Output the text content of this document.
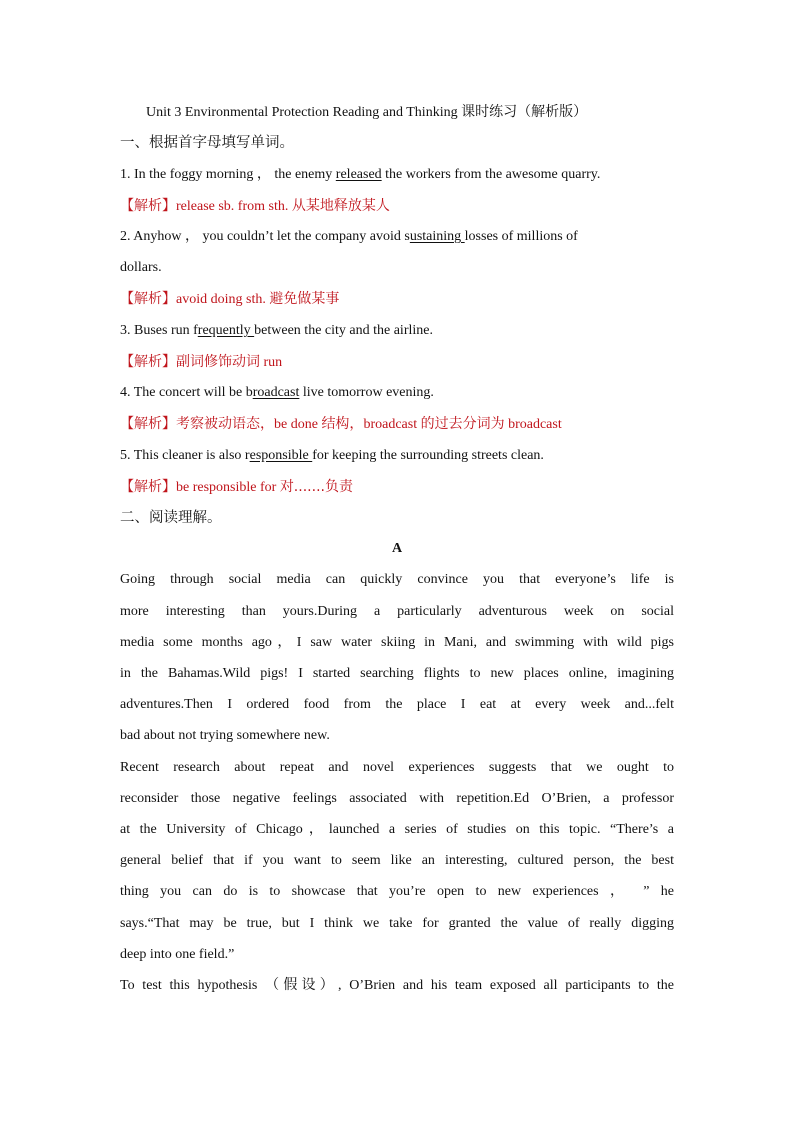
Unit 3 Environmental Protection Reading and Thinking 课时练习（解析版）
一、根据首字母填写单词。
1. In the foggy morning ， the enemy released the workers from the awesome quarry.
【解析】release sb. from sth. 从某地释放某人
2. Anyhow ， you couldn’t let the company avoid sustaining losses of millions of
dollars.
【解析】avoid doing sth. 避免做某事
3. Buses run frequently between the city and the airline.
【解析】副词修饰动词 run
4. The concert will be broadcast live tomorrow evening.
【解析】考察被动语态，be done 结构，broadcast 的过去分词为 broadcast
5. This cleaner is also responsible for keeping the surrounding streets clean.
【解析】be responsible for 对.......负责
二、阅读理解。
A
Going through social media can quickly convince you that everyone’s life is
more interesting than yours.During a particularly adventurous week on social
media some months ago，I saw water skiing in Mani, and swimming with wild pigs
in the Bahamas.Wild pigs! I started searching flights to new places online, imagining
adventures.Then I ordered food from the place I eat at every week and...felt
bad about not trying somewhere new.
Recent research about repeat and novel experiences suggests that we ought to
reconsider those negative feelings associated with repetition.Ed O’Brien, a professor
at the University of Chicago，launched a series of studies on this topic. “There’s a
general belief that if you want to seem like an interesting, cultured person, the best
thing you can do is to showcase that you’re open to new experiences ， ” he
says.“That may be true, but I think we take for granted the value of really digging
deep into one field.”
To test this hypothesis （假设）, O’Brien and his team exposed all participants to the
